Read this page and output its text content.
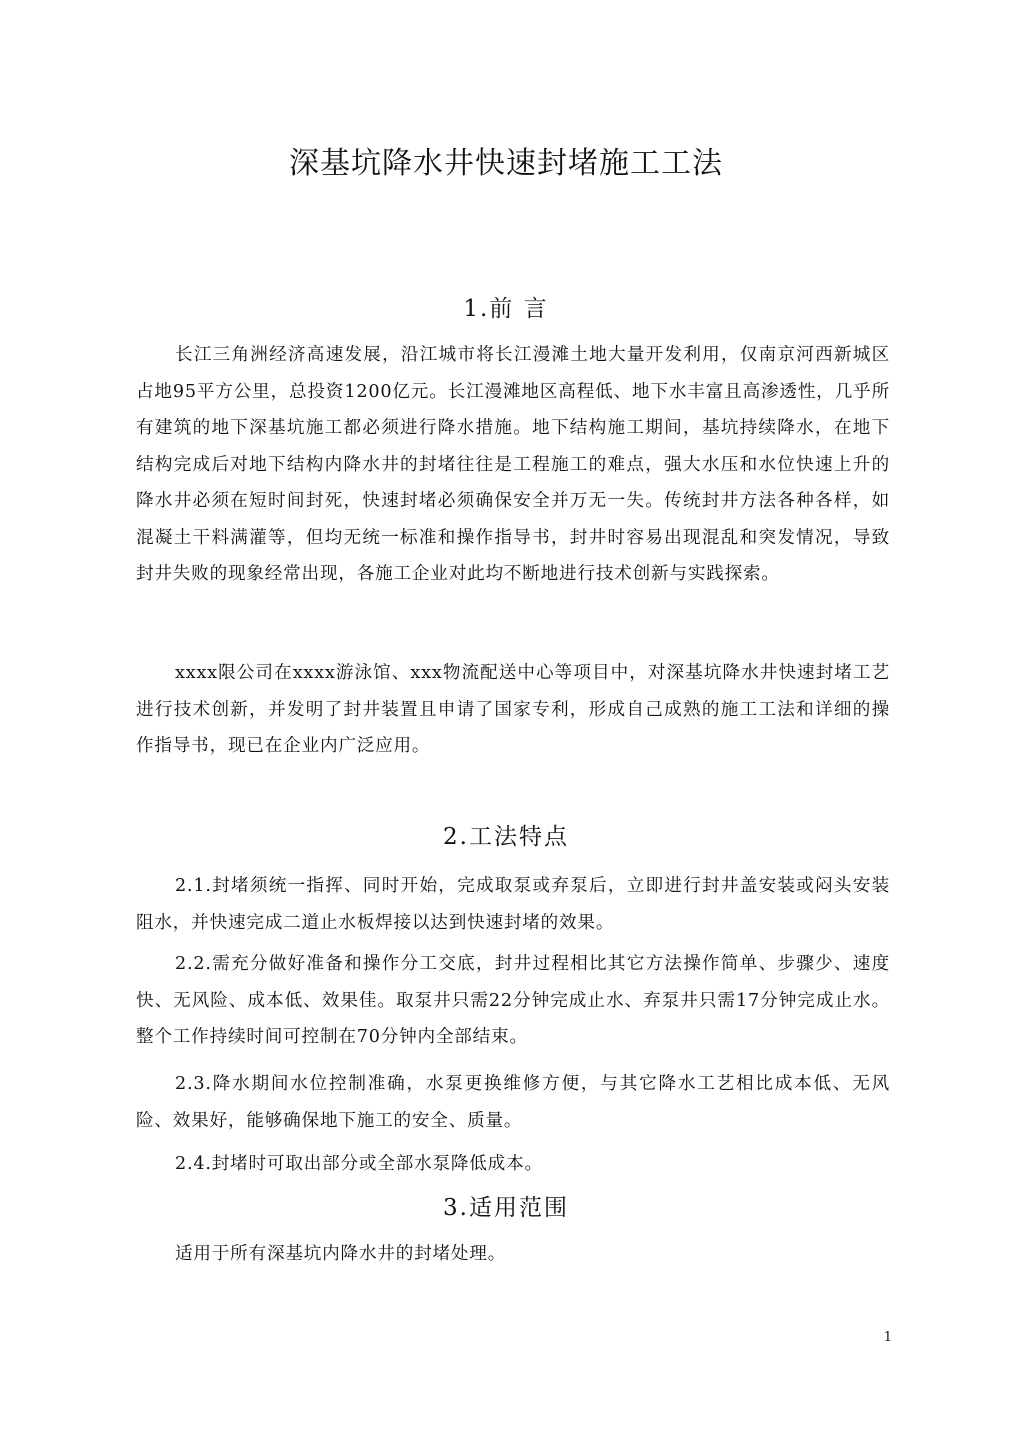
深基坑降水井快速封堵施工工法
1.前 言

长江三角洲经济高速发展，沿江城市将长江漫滩土地大量开发利用，仅南京河西新城区占地95平方公里，总投资1200亿元。长江漫滩地区高程低、地下水丰富且高渗透性，几乎所有建筑的地下深基坑施工都必须进行降水措施。地下结构施工期间，基坑持续降水，在地下结构完成后对地下结构内降水井的封堵往往是工程施工的难点，强大水压和水位快速上升的降水井必须在短时间封死，快速封堵必须确保安全并万无一失。传统封井方法各种各样，如混凝土干料满灌等，但均无统一标准和操作指导书，封井时容易出现混乱和突发情况，导致封井失败的现象经常出现，各施工企业对此均不断地进行技术创新与实践探索。

xxxx限公司在xxxx游泳馆、xxx物流配送中心等项目中，对深基坑降水井快速封堵工艺进行技术创新，并发明了封井装置且申请了国家专利，形成自己成熟的施工工法和详细的操作指导书，现已在企业内广泛应用。

2.工法特点

2.1.封堵须统一指挥、同时开始，完成取泵或弃泵后，立即进行封井盖安装或闷头安装阻水，并快速完成二道止水板焊接以达到快速封堵的效果。

2.2.需充分做好准备和操作分工交底，封井过程相比其它方法操作简单、步骤少、速度快、无风险、成本低、效果佳。取泵井只需22分钟完成止水、弃泵井只需17分钟完成止水。整个工作持续时间可控制在70分钟内全部结束。

2.3.降水期间水位控制准确，水泵更换维修方便，与其它降水工艺相比成本低、无风险、效果好，能够确保地下施工的安全、质量。

2.4.封堵时可取出部分或全部水泵降低成本。

3.适用范围

适用于所有深基坑内降水井的封堵处理。

1
